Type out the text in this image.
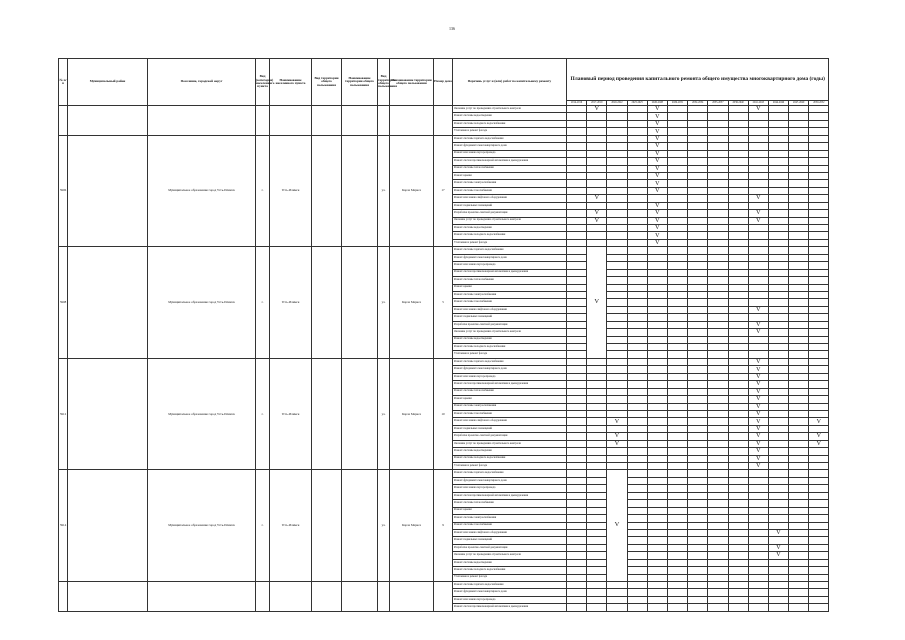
136
№ п/п	Муниципальный район	Поселение, городской округ	Вид (категория) населенного пункта	Наименование населенного пункта	Вид территории общего пользования	Наименование территории общего пользования	Вид территории общего пользования	Наименование территории общего пользования	Номер дома	Перечень услуг и (или) работ по капитальному ремонту	Плановый период проведения капитального ремонта общего имущества многоквартирного дома (годы)												
											2014-2016	2017-2019	2020-2022	2023-2025	2026-2028	2029-2031	2032-2034	2035-2037	2038-2040	2041-2043	2044-2046	2047-2049	2050-2052
										Оказание услуг по проведению строительного контроля		V			V					V			
										Ремонт системы водоотведения					V								
										Ремонт системы холодного водоснабжения					V								
										Утепление и ремонт фасада					V								
5906		Муниципальное образование город Усть-Илимск	г.	Усть-Илимск			ул.	Карла Маркса	17	Ремонт системы горячего водоснабжения					V								
										Ремонт фундамента многоквартирного дома					V								
										Ремонт или замена мусоропровода					V								
										Ремонт систем противопожарной автоматики и дымоудаления					V								
										Ремонт системы теплоснабжения					V								
										Ремонт крыши					V								
										Ремонт системы электроснабжения					V								
										Ремонт системы газоснабжения					V								
										Ремонт или замена лифтового оборудования		V								V			
										Ремонт подвальных помещений					V								
										Разработка проектно-сметной документации		V			V					V			
										Оказание услуг по проведению строительного контроля		V			V					V			
										Ремонт системы водоотведения					V								
										Ремонт системы холодного водоснабжения					V								
										Утепление и ремонт фасада					V								
5908		Муниципальное образование город Усть-Илимск	г.	Усть-Илимск			ул.	Карла Маркса	5	Ремонт системы горячего водоснабжения		V											
										Ремонт фундамента многоквартирного дома													
										Ремонт или замена мусоропровода													
										Ремонт систем противопожарной автоматики и дымоудаления													
										Ремонт системы теплоснабжения													
										Ремонт крыши													
										Ремонт системы электроснабжения													
										Ремонт системы газоснабжения													
										Ремонт или замена лифтового оборудования										V			
										Ремонт подвальных помещений													
										Разработка проектно-сметной документации										V			
										Оказание услуг по проведению строительного контроля										V			
										Ремонт системы водоотведения													
										Ремонт системы холодного водоснабжения													
										Утепление и ремонт фасада													
5912		Муниципальное образование город Усть-Илимск	г.	Усть-Илимск			ул.	Карла Маркса	10	Ремонт системы горячего водоснабжения										V			
										Ремонт фундамента многоквартирного дома										V			
										Ремонт или замена мусоропровода										V			
										Ремонт систем противопожарной автоматики и дымоудаления										V			
										Ремонт системы теплоснабжения										V			
										Ремонт крыши										V			
										Ремонт системы электроснабжения										V			
										Ремонт системы газоснабжения										V			
										Ремонт или замена лифтового оборудования			V							V			V
										Ремонт подвальных помещений										V			
										Разработка проектно-сметной документации			V							V			V
										Оказание услуг по проведению строительного контроля			V							V			V
										Ремонт системы водоотведения										V			
										Ремонт системы холодного водоснабжения										V			
										Утепление и ремонт фасада										V			
5914		Муниципальное образование город Усть-Илимск	г.	Усть-Илимск			ул.	Карла Маркса	9	Ремонт системы горячего водоснабжения			V										
										Ремонт фундамента многоквартирного дома													
										Ремонт или замена мусоропровода													
										Ремонт систем противопожарной автоматики и дымоудаления													
										Ремонт системы теплоснабжения													
										Ремонт крыши													
										Ремонт системы электроснабжения													
										Ремонт системы газоснабжения													
										Ремонт или замена лифтового оборудования											V		
										Ремонт подвальных помещений													
										Разработка проектно-сметной документации											V		
										Оказание услуг по проведению строительного контроля											V		
										Ремонт системы водоотведения													
										Ремонт системы холодного водоснабжения													
										Утепление и ремонт фасада													
										Ремонт системы горячего водоснабжения													
										Ремонт фундамента многоквартирного дома													
										Ремонт или замена мусоропровода													
										Ремонт систем противопожарной автоматики и дымоудаления													
